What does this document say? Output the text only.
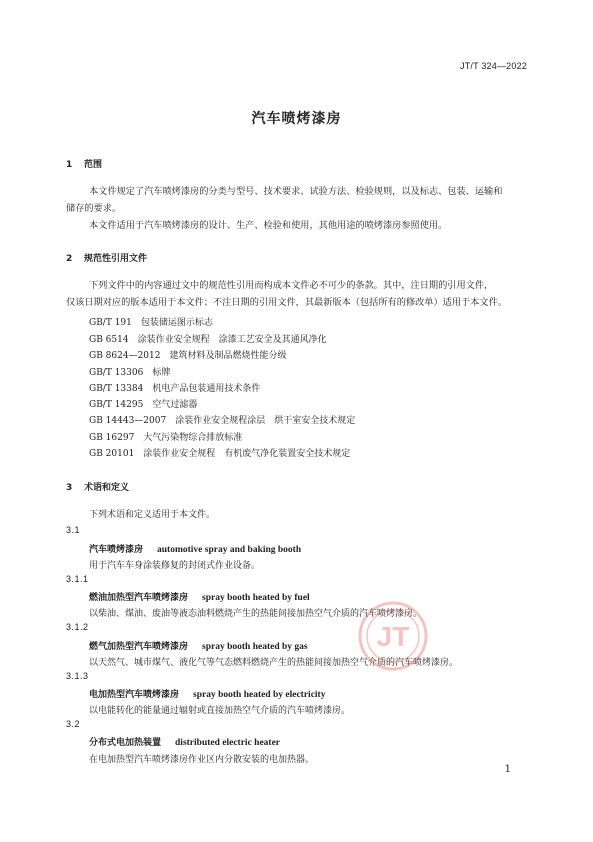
JT/T 324—2022
汽车喷烤漆房
1 范围
本文件规定了汽车喷烤漆房的分类与型号、技术要求、试验方法、检验规则，以及标志、包装、运输和
储存的要求。
本文件适用于汽车喷烤漆房的设计、生产、检验和使用，其他用途的喷烤漆房参照使用。
2 规范性引用文件
下列文件中的内容通过文中的规范性引用而构成本文件必不可少的条款。其中，注日期的引用文件，
仅该日期对应的版本适用于本文件；不注日期的引用文件，其最新版本（包括所有的修改单）适用于本文件。
GB/T 191　包装储运图示标志
GB 6514　涂装作业安全规程　涂漆工艺安全及其通风净化
GB 8624—2012　建筑材料及制品燃烧性能分级
GB/T 13306　标牌
GB/T 13384　机电产品包装通用技术条件
GB/T 14295　空气过滤器
GB 14443—2007　涂装作业安全规程涂层　烘干室安全技术规定
GB 16297　大气污染物综合排放标准
GB 20101　涂装作业安全规程　有机废气净化装置安全技术规定
3 术语和定义
下列术语和定义适用于本文件。
3.1
汽车喷烤漆房 automotive spray and baking booth
用于汽车车身涂装修复的封闭式作业设备。
3.1.1
燃油加热型汽车喷烤漆房 spray booth heated by fuel
以柴油、煤油、废油等液态油料燃烧产生的热能间接加热空气介质的汽车喷烤漆房。
3.1.2
燃气加热型汽车喷烤漆房 spray booth heated by gas
以天然气、城市煤气、液化气等气态燃料燃烧产生的热能间接加热空气介质的汽车喷烤漆房。
3.1.3
电加热型汽车喷烤漆房 spray booth heated by electricity
以电能转化的能量通过辐射或直接加热空气介质的汽车喷烤漆房。
3.2
分布式电加热装置 distributed electric heater
在电加热型汽车喷烤漆房作业区内分散安装的电加热器。
JT
1
